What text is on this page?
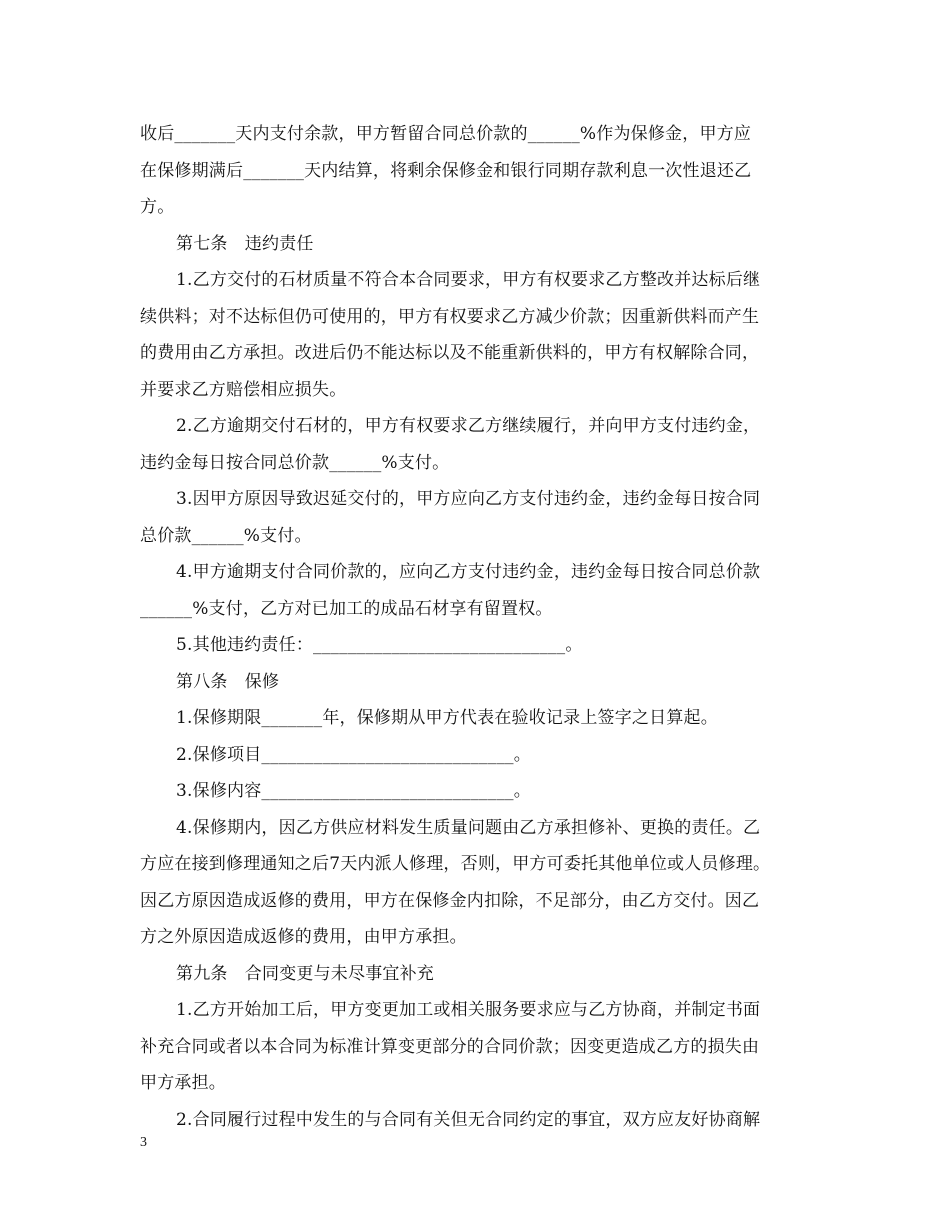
收后_______天内支付余款，甲方暂留合同总价款的______%作为保修金，甲方应
在保修期满后_______天内结算，将剩余保修金和银行同期存款利息一次性退还乙
方。
第七条　违约责任
1.乙方交付的石材质量不符合本合同要求，甲方有权要求乙方整改并达标后继
续供料；对不达标但仍可使用的，甲方有权要求乙方减少价款；因重新供料而产生
的费用由乙方承担。改进后仍不能达标以及不能重新供料的，甲方有权解除合同，
并要求乙方赔偿相应损失。
2.乙方逾期交付石材的，甲方有权要求乙方继续履行，并向甲方支付违约金，
违约金每日按合同总价款______%支付。
3.因甲方原因导致迟延交付的，甲方应向乙方支付违约金，违约金每日按合同
总价款______%支付。
4.甲方逾期支付合同价款的，应向乙方支付违约金，违约金每日按合同总价款
______%支付，乙方对已加工的成品石材享有留置权。
5.其他违约责任：_____________________________。
第八条　保修
1.保修期限_______年，保修期从甲方代表在验收记录上签字之日算起。
2.保修项目_____________________________。
3.保修内容_____________________________。
4.保修期内，因乙方供应材料发生质量问题由乙方承担修补、更换的责任。乙
方应在接到修理通知之后7天内派人修理，否则，甲方可委托其他单位或人员修理。
因乙方原因造成返修的费用，甲方在保修金内扣除，不足部分，由乙方交付。因乙
方之外原因造成返修的费用，由甲方承担。
第九条　合同变更与未尽事宜补充
1.乙方开始加工后，甲方变更加工或相关服务要求应与乙方协商，并制定书面
补充合同或者以本合同为标准计算变更部分的合同价款；因变更造成乙方的损失由
甲方承担。
2.合同履行过程中发生的与合同有关但无合同约定的事宜，双方应友好协商解
3
